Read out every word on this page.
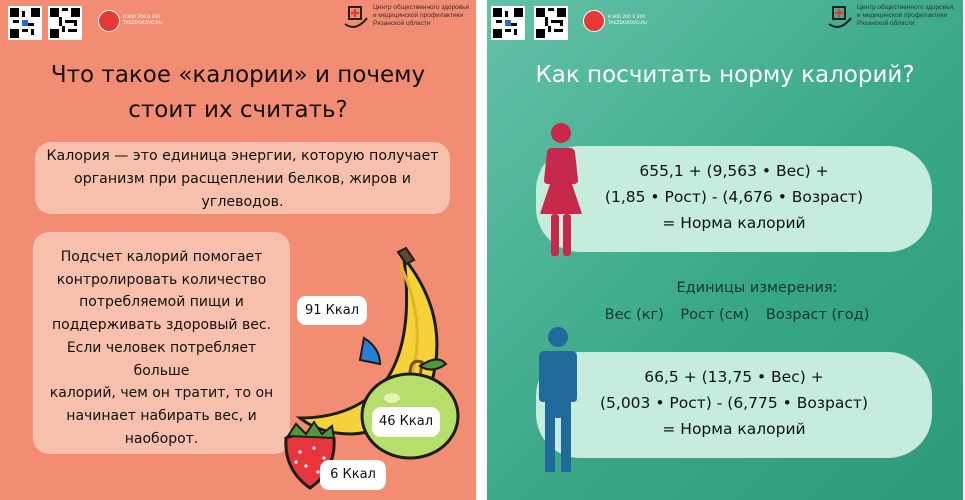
8 800 200 0 200
TAKZDOROVO.RU
Центр общественного здоровья
и медицинской профилактики
Рязанской области
Что такое «калории» и почему
стоит их считать?
Калория — это единица энергии, которую получает
организм при расщеплении белков, жиров и
углеводов.
Подсчет калорий помогает
контролировать количество
потребляемой пищи и
поддерживать здоровый вес.
Если человек потребляет больше
калорий, чем он тратит, то он
начинает набирать вес, и
наоборот.
91 Ккал
46 Ккал
6 Ккал
8 800 200 0 200
TAKZDOROVO.RU
Центр общественного здоровья
и медицинской профилактики
Рязанской области
Как посчитать норму калорий?
655,1 + (9,563 • Вес) +
(1,85 • Рост) - (4,676 • Возраст)
= Норма калорий
Единицы измерения:
Вес (кг) Рост (см) Возраст (год)
66,5 + (13,75 • Вес) +
(5,003 • Рост) - (6,775 • Возраст)
= Норма калорий
